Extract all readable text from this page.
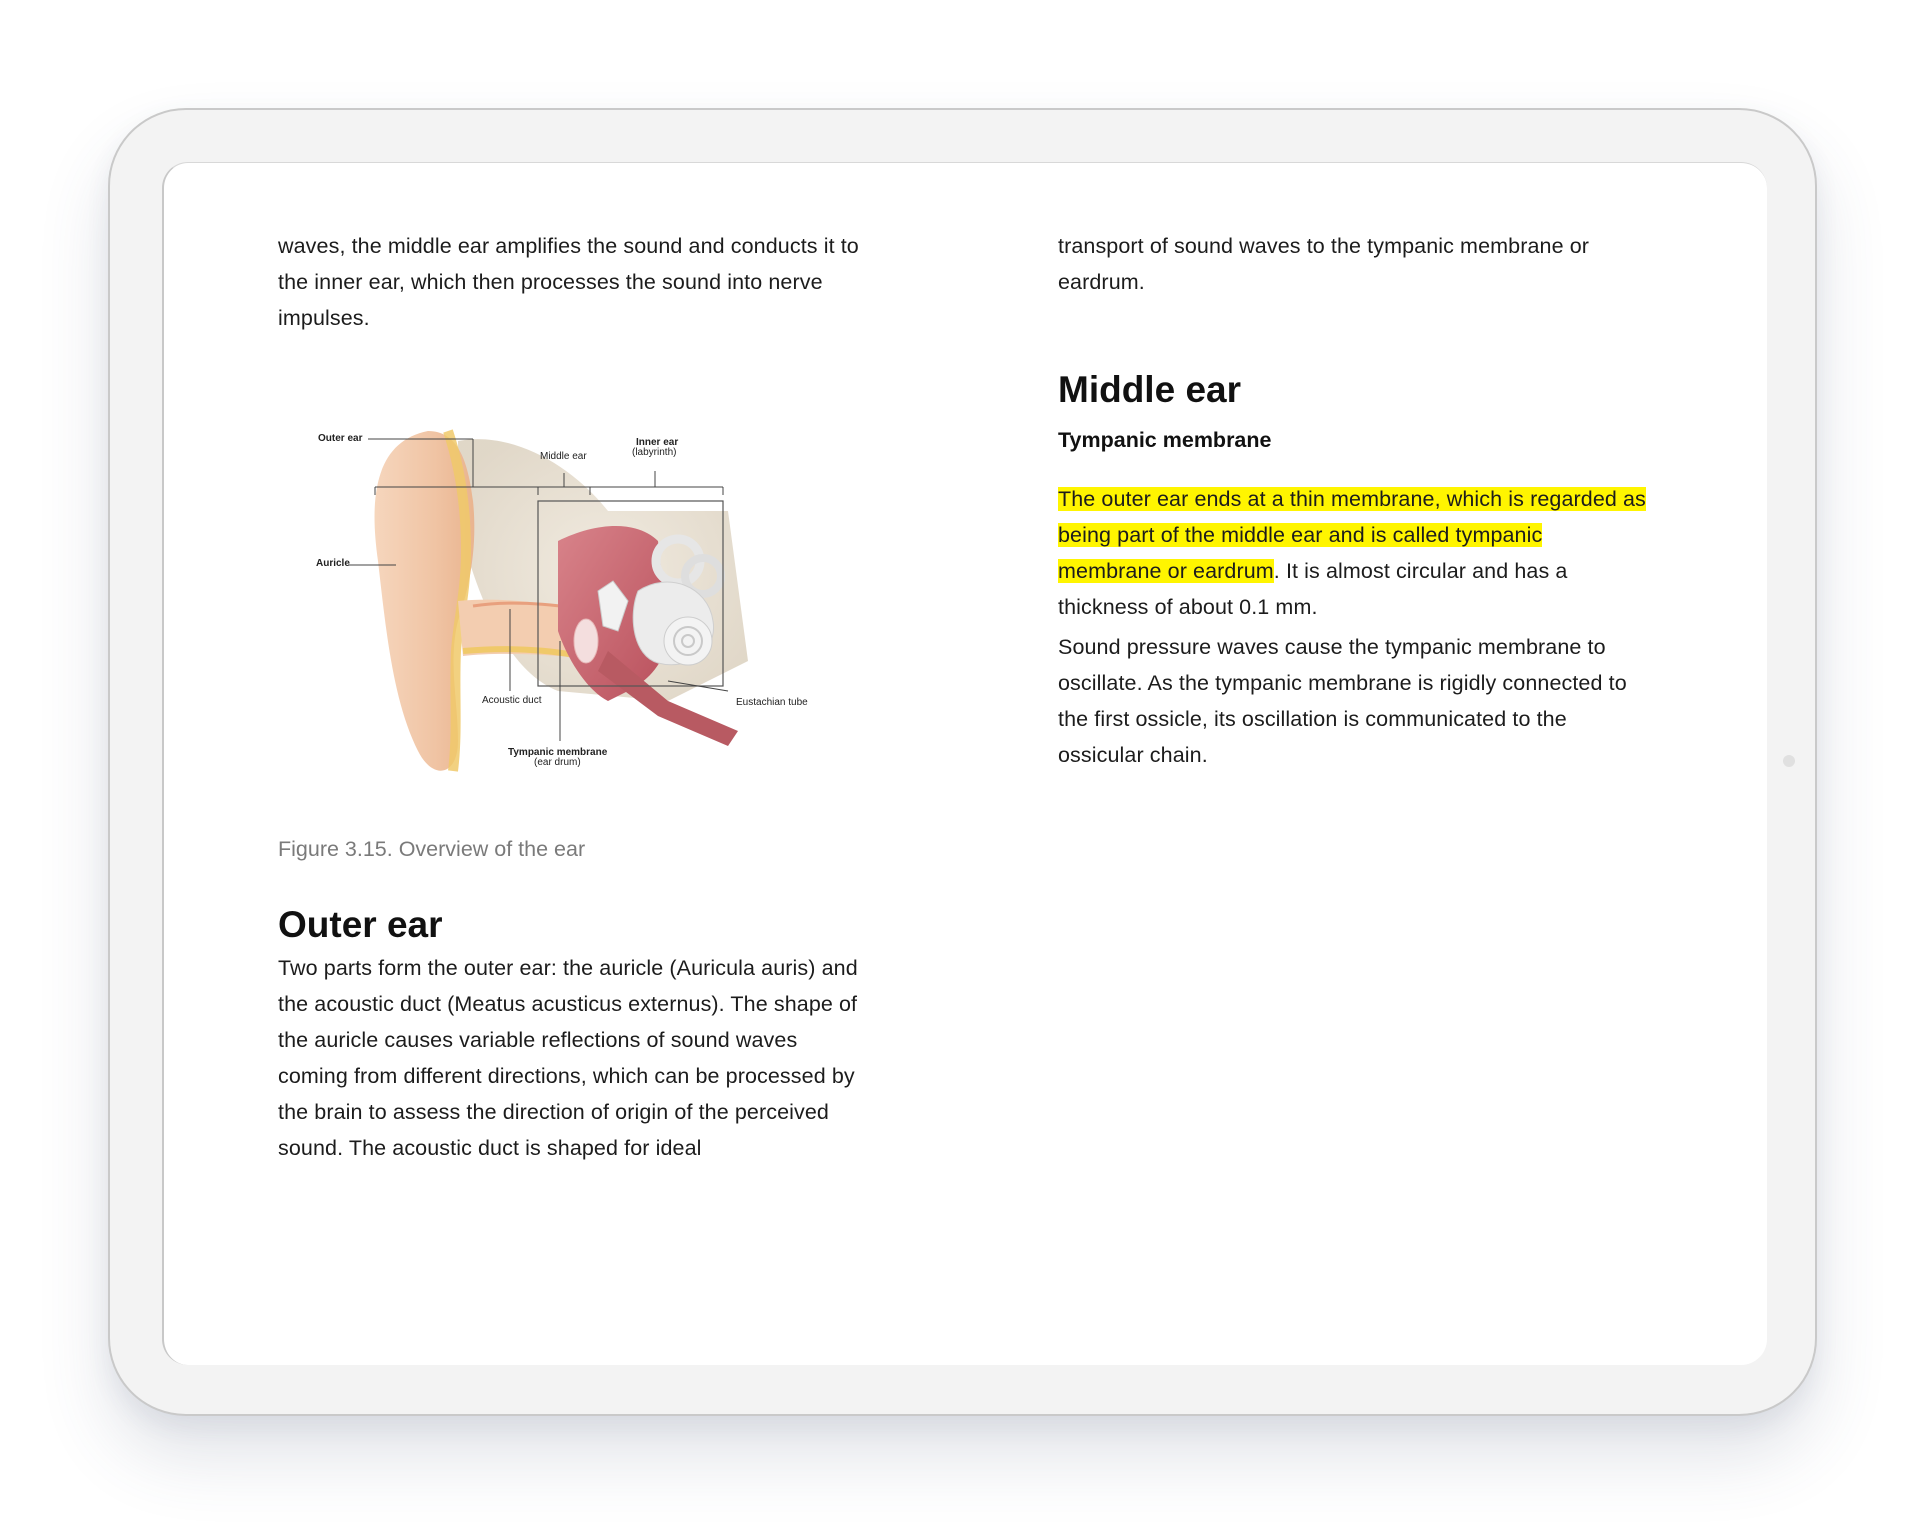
waves, the middle ear amplifies the sound and conducts it to the inner ear, which then processes the sound into nerve impulses.

Outer ear
Middle ear
Inner ear
(labyrinth)
Auricle
Acoustic duct	Eustachian tube
Tympanic membrane
(ear drum)

Figure 3.15. Overview of the ear

Outer ear

Two parts form the outer ear: the auricle (Auricula auris) and the acoustic duct (Meatus acusticus externus). The shape of the auricle causes variable reflections of sound waves coming from different directions, which can be processed by the brain to assess the direction of origin of the perceived sound. The acoustic duct is shaped for ideal

transport of sound waves to the tympanic membrane or eardrum.

Middle ear

Tympanic membrane

The outer ear ends at a thin membrane, which is regarded as being part of the middle ear and is called tympanic membrane or eardrum. It is almost circular and has a thickness of about 0.1 mm.

Sound pressure waves cause the tympanic membrane to oscillate. As the tympanic membrane is rigidly connected to the first ossicle, its oscillation is communicated to the ossicular chain.
